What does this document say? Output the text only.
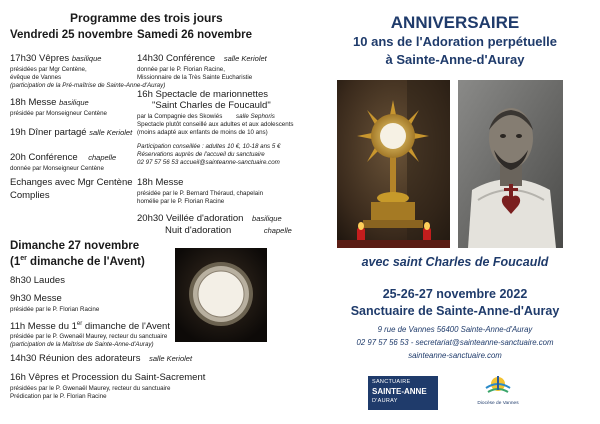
Programme des trois jours
Vendredi 25 novembre
17h30 Vêpres basilique
présidées par Mgr Centène,
évêque de Vannes
(participation de la Pré-maîtrise de Sainte-Anne-d'Auray)
18h Messe basilique
présidée par Monseigneur Centène
19h Dîner partagé salle Keriolet
20h Conférence chapelle
donnée par Monseigneur Centène
Echanges avec Mgr Centène
Complies
Samedi 26 novembre
14h30 Conférence salle Keriolet
donnée par le P. Florian Racine,
Missionnaire de la Très Sainte Eucharistie
16h Spectacle de marionnettes
"Saint Charles de Foucauld"
par la Compagnie des Skowiés salle Sephoris
Spectacle plutôt conseillé aux adultes et aux adolescents
(moins adapté aux enfants de moins de 10 ans)
Participation conseillée : adultes 10 €, 10-18 ans 5 €
Réservations auprès de l'accueil du sanctuaire
02 97 57 56 53 accueil@sainteanne-sanctuaire.com
18h Messe
présidée par le P. Bernard Théraud, chapelain
homélie par le P. Florian Racine
20h30 Veillée d'adoration basilique
Nuit d'adoration	chapelle
Dimanche 27 novembre
(1er dimanche de l'Avent)
8h30 Laudes
9h30 Messe
présidée par le P. Florian Racine
11h Messe du 1er dimanche de l'Avent
présidée par le P. Gwenaël Maurey, recteur du sanctuaire
(participation de la Maîtrise de Sainte-Anne-d'Auray)
14h30 Réunion des adorateurs salle Keriolet
16h Vêpres et Procession du Saint-Sacrement
présidées par le P. Gwenaël Maurey, recteur du sanctuaire
Prédication par le P. Florian Racine
ANNIVERSAIRE
10 ans de l'Adoration perpétuelle
à Sainte-Anne-d'Auray
avec saint Charles de Foucauld
25-26-27 novembre 2022
Sanctuaire de Sainte-Anne-d'Auray
9 rue de Vannes 56400 Sainte-Anne-d'Auray
02 97 57 56 53 - secretariat@sainteanne-sanctuaire.com
sainteanne-sanctuaire.com
SANCTUAIRE
SAINTE-ANNE
D'AURAY	Diocèse de Vannes
